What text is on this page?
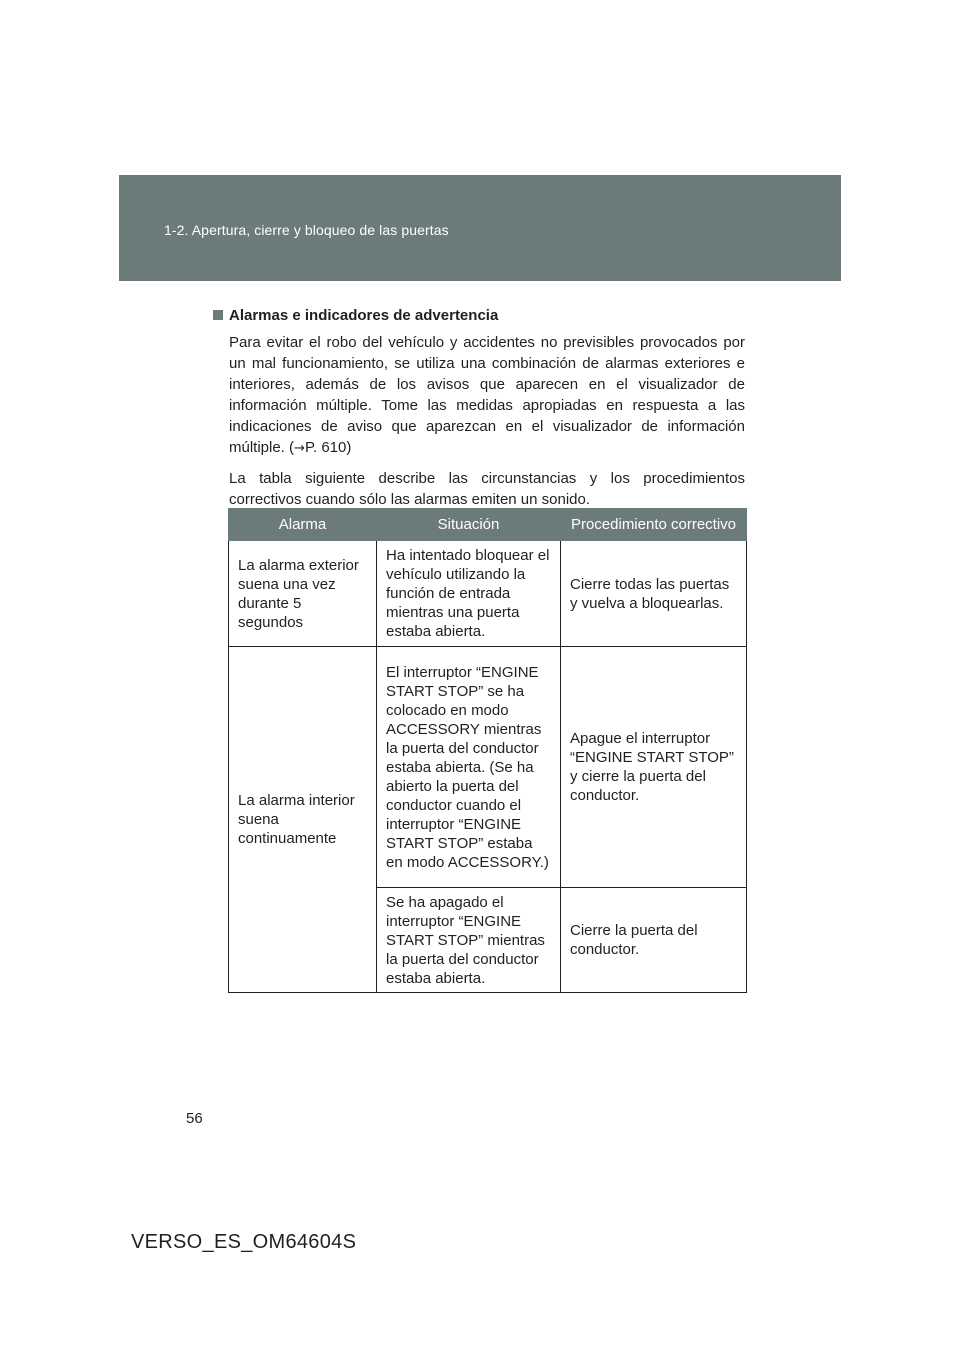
1-2. Apertura, cierre y bloqueo de las puertas
Alarmas e indicadores de advertencia

Para evitar el robo del vehículo y accidentes no previsibles provocados por un mal funcionamiento, se utiliza una combinación de alarmas exteriores e interiores, además de los avisos que aparecen en el visualizador de información múltiple. Tome las medidas apropiadas en respuesta a las indicaciones de aviso que aparezcan en el visualizador de información múltiple. (→P. 610)

La tabla siguiente describe las circunstancias y los procedimientos correctivos cuando sólo las alarmas emiten un sonido.

Alarma	Situación	Procedimiento correctivo
La alarma exterior suena una vez durante 5 segundos	Ha intentado bloquear el vehículo utilizando la función de entrada mientras una puerta estaba abierta.	Cierre todas las puertas y vuelva a bloquearlas.
La alarma interior suena continuamente	El interruptor “ENGINE START STOP” se ha colocado en modo ACCESSORY mientras la puerta del conductor estaba abierta. (Se ha abierto la puerta del conductor cuando el interruptor “ENGINE START STOP” estaba en modo ACCESSORY.)	Apague el interruptor “ENGINE START STOP” y cierre la puerta del conductor.
	Se ha apagado el interruptor “ENGINE START STOP” mientras la puerta del conductor estaba abierta.	Cierre la puerta del conductor.
56
VERSO_ES_OM64604S
